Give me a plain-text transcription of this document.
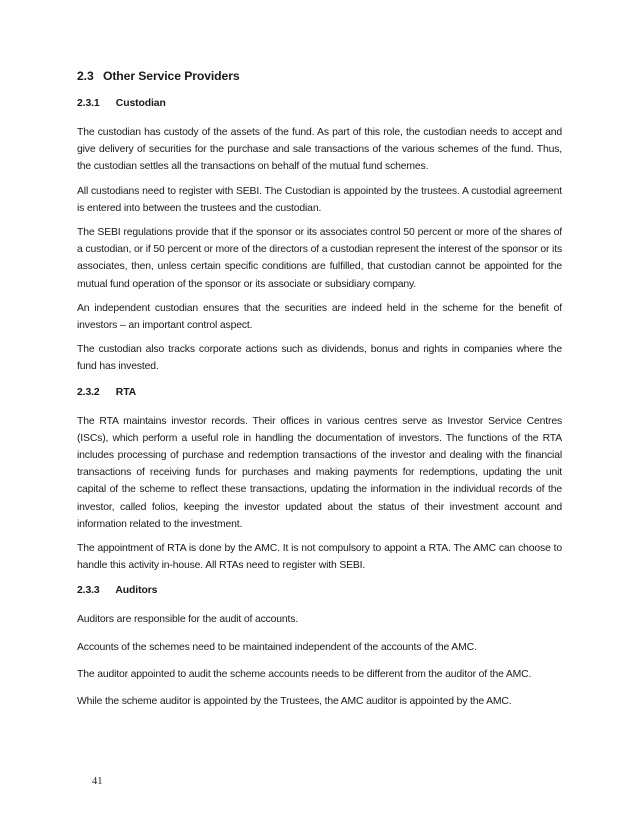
2.3 Other Service Providers
2.3.1 Custodian

The custodian has custody of the assets of the fund. As part of this role, the custodian needs to accept and give delivery of securities for the purchase and sale transactions of the various schemes of the fund. Thus, the custodian settles all the transactions on behalf of the mutual fund schemes.

All custodians need to register with SEBI. The Custodian is appointed by the trustees. A custodial agreement is entered into between the trustees and the custodian.

The SEBI regulations provide that if the sponsor or its associates control 50 percent or more of the shares of a custodian, or if 50 percent or more of the directors of a custodian represent the interest of the sponsor or its associates, then, unless certain specific conditions are fulfilled, that custodian cannot be appointed for the mutual fund operation of the sponsor or its associate or subsidiary company.

An independent custodian ensures that the securities are indeed held in the scheme for the benefit of investors – an important control aspect.

The custodian also tracks corporate actions such as dividends, bonus and rights in companies where the fund has invested.

2.3.2 RTA

The RTA maintains investor records. Their offices in various centres serve as Investor Service Centres (ISCs), which perform a useful role in handling the documentation of investors. The functions of the RTA includes processing of purchase and redemption transactions of the investor and dealing with the financial transactions of receiving funds for purchases and making payments for redemptions, updating the unit capital of the scheme to reflect these transactions, updating the information in the individual records of the investor, called folios, keeping the investor updated about the status of their investment account and information related to the investment.

The appointment of RTA is done by the AMC. It is not compulsory to appoint a RTA. The AMC can choose to handle this activity in-house. All RTAs need to register with SEBI.

2.3.3 Auditors

Auditors are responsible for the audit of accounts.

Accounts of the schemes need to be maintained independent of the accounts of the AMC.

The auditor appointed to audit the scheme accounts needs to be different from the auditor of the AMC.

While the scheme auditor is appointed by the Trustees, the AMC auditor is appointed by the AMC.

41
